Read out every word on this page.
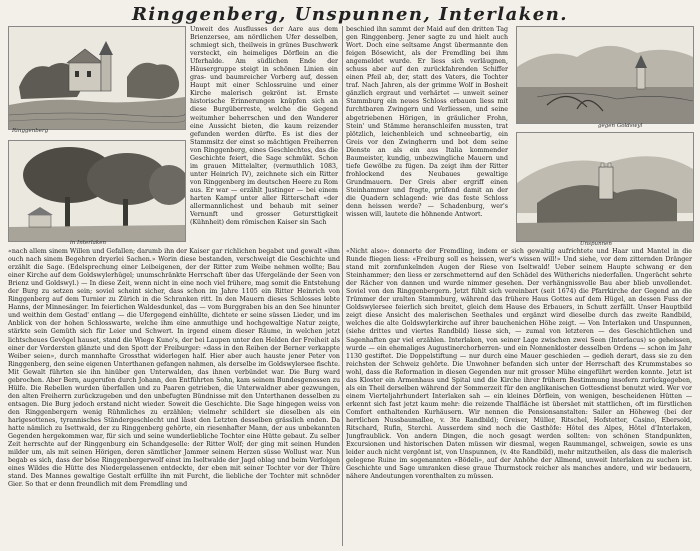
Ringgenberg, Unspunnen, Interlaken.
Ringgenberg
in Interlaken
gegen Goldswyl
Unspunnen

Unweit des Ausflusses der Aare aus dem Brienzersee, am nördlichen Ufer desselben, schmiegt sich, theilweis in grünes Buschwerk versteckt, ein heimeliges Dörflein an die Uferhalde. Am südlichen Ende der Häusergruppe steigt in schönen Linien ein gras- und baumreicher Vorberg auf, dessen Haupt mit einer Schlossruine und einer Kirche malerisch gekrönt ist. Ernste historische Erinnerungen knüpfen sich an diese Burgüberreste, welche die Gegend weitumher beherrschen und den Wanderer eine Aussicht bieten, die kaum reizender gefunden werden dürfte. Es ist dies der Stammsitz der einst so mächtigen Freiherren von Ringgenberg, eines Geschlechtes, das die Geschichte feiert, die Sage schmükt. Schon im grauen Mittelalter, (vermuthlich 1083, unter Heinrich IV), zeichnete sich ein Ritter von Ringgenberg im deutschen Heere zu Rom aus. Er war — erzählt Justinger — bei einem harten Kampf unter aller Ritterschaft «der allermannlichest und behaub mit seiner Vernunft und grosser Getursttigkeit (Kühnheit) dem römischen Kaiser sin Sach

beschied ihn sammt der Maid auf den dritten Tag gen Ringgenberg. Jener sagte zu und hielt auch Wort. Doch eine seltsame Angst übermannte den feigen Bösewicht, als der Fremdling bei ihm angemeldet wurde. Er liess sich verläugnen, schuss aber auf den zurückfahrenden Schiffer einen Pfeil ab, der, statt des Vaters, die Tochter traf. Nach Jahren, als der grimme Wolf in Bosheit gänzlich ergraut und verhärtet — unweit seiner Stammburg ein neues Schloss erbauen liess mit furchtbaren Zwingern und Verliessen, und seine abgetriebenen Hörigen, in gräulicher Frohn, Stein' und Stämme heranschleifen mussten, trat plötzlich, leichenbleich und schneebartig, ein Greis vor den Zwingherrn und bot dem seine Dienste an als ein aus Italia kommender Baumeister, kundig, unbezwingliche Mauern und tiefe Gewölbe zu fügen. Da zeigt ihm der Ritter frohlockend des Neubaues gewaltige Grundmauern. Der Greis aber ergriff einen Steinhammer und fragte, prüfend damit an der die Quadern schlagend: wie das feste Schloss denn heissen werde? — Schadenburg, wer's wissen will, lautete die höhnende Antwort.

«nach allem sinem Willen und Gefallen; darumb ihn der Kaiser gar richlichen begabet und gewalt «ihm ouch nach sinem Begehren dryerlei Sachen.» Worin diese bestanden, verschweigt die Geschichte und erzählt die Sage. (Edelsprechung einer Leibeigenen, der der Ritter zum Weibe nehmen wollte; Bau einer Kirche auf dem Goldswylerhügel; unumschränkte Herrschaft über das Ufergelände der Seen von Brienz und Goldswyl.) — In diese Zeit, wenn nicht in eine noch viel frühere, mag somit die Entstehung der Burg zu setzen sein; soviel scheint sicher, dass schon im Jahre 1105 ein Ritter Heinrich von Ringgenberg auf dem Turnier zu Zürich in die Schranken ritt. In den Mauern dieses Schlosses lebte Hanns, der Minnesänger. Im feierlichen Waldesdunkel, das — vom Burggraben bis an den See hinunter und weithin dem Gestad' entlang — die Ufergegend einhüllte, dichtete er seine süssen Lieder, und im Anblick von der hohen Schlosswarte, welche ihm eine anmuthige und hochgewaltige Natur zeigte, stärkte sein Gemüth sich für Leier und Schwert. In irgend einem dieser Räume, in welchen jetzt lichtscheues Gevögel hauset, stand die Wiege Kuno's, der bei Laupen unter den Helden der Freiheit als einer der Vordersten glänzte und den Spott der Freiburger: «dass in den Reihen der Berner verkappte Weiber seien», durch mannhafte Grossthat widerlegen half. Hier aber auch hauste jener Peter von Ringgenberg, den seine eigenen Unterthanen gefangen nahmen, als derselbe im Goldswylersee fischte. Mit Gewalt führten sie ihn hinüber gen Unterwalden, das ihnen verbündet war. Die Burg ward gebrochen. Aber Bern, augerufen durch Johann, den Entführten Sohn, kam seinem Bundesgenossen zu Hülfe. Die Rebellen wurden überfallen und zu Paaren getrieben, die Unterwaldner aber gezwungen, den alten Freiherrn zurückzugeben und den unbefugten Bündnisse mit den Unterthanen desselben zu entsagen. Die Burg jedoch erstand nicht wieder. Soweit die Geschichte. Die Sage hingegen weiss von den Ringgenbergern wenig Rühmliches zu erzählen; vielmehr schildert sie dieselben als ein harigesottenes, tyrannisches Ständergeschlecht und lässt den Letzten desselben grässlich enden. Da hatte nämlich zu Isettwald, der zu Ringgenberg gehörte, ein riesenhafter Mann, der aus unbekannten Gegenden hergekommen war, für sich und seine wunderliebliche Tochter eine Hütte gebaut. Zu selber Zeit herrschte auf der Ringgenburg ein Schandgeselle: der Ritter Wolf; der ging mit seinen Hunden milder um, als mit seinen Hörigen, deren sämtlicher Jammer seinem Herzen süsse Wollust war. Nun begab es sich, dass der böse Ringgenbergerwolf einst im Iseltwalde der Jagd oblag und beim Verfolgen eines Wildes die Hütte des Niedergelassenen entdeckte, der eben mit seiner Tochter vor der Thüre stand. Des Mannes gewaltige Gestalt erfüllte ihn mit Furcht, die liebliche der Tochter mit schnöder Gier. So that er denn freundlich mit dem Fremdling und

«Nicht also»: donnerte der Fremdling, indem er sich gewaltig aufrichtete und Haar und Mantel in die Runde fliegen liess: «Freiburg soll es heissen, wer's wissen will!» Und siehe, vor dem zitternden Dränger stand mit zornfunkelnden Augen der Riese von Iseltwald! Ueber seinem Haupte schwang er den Steinhammer; den liess er zerschmetternd auf den Schädel des Wütherichs niederfallen. Ungerächt sehrte der Rächer von dannen und wurde nimmer gesehen. Der verhängnissvolle Bau aber blieb unvollendet. Soviel von den Ringgenbergern. Jetzt fühlt sich vereinbart (seit 1674) die Pfarrkirche der Gegend an die Trümmer der uralten Stammburg, während das frühere Haus Gottes auf dem Hügel, an dessen Fuss der Goldswylersee feierlich sich breitet, gleich dem Hause des Erbauers, in Schutt zerfällt. Unser Hauptbild zeigt diese Ansicht des malerischen Seethales und ergänzt wird dieselbe durch das zweite Randbild, welches die alte Goldswylerkirche auf ihrer bauchenichen Höhe zeigt. — Von Interlaken und Unspunnen, (siehe drittes und viertes Randbild) liesse sich, — zumal von letzteren — des Geschichtlichen und Sagenhaften gar viel erzählen. Interlaken, von seiner Lage zwischen zwei Seen (Interlacus) so geheissen, wurde — ein ehemaliges Augustinerchorherren- und ein Nonnenkloster desselben Ordens — schon im Jahr 1130 gestiftet. Die Doppelstiftung — nur durch eine Mauer geschieden — gedieh derart, dass sie zu den reichsten der Schweiz gehörte. Die Unwohner befanden sich unter der Herrschaft des Krummstabes so wohl, dass die Reformation in diesen Gegenden nur mit grosser Mühe eingeführt werden konnte. Jetzt ist das Kloster ein Armenhaus und Spital und die Kirche ihrer frühern Bestimmung insofern zurückgegeben, als ein Theil derselben während der Sommerzeit für den anglikanischen Gottesdienst benutzt wird. Wer vor einem Vierteljahrhundert Interlaken sah — ein kleines Dörflein, von wenigen, bescheidenen Hütten — erkennt sich fast jetzt kaum mehr: die reizende Thalfläche ist übersäet mit stattlichen, oft im fürstlichen Comfort enthaltenden Kurhäusern. Wir nennen die Pensionsanstalten: Sailer an Höheweg (bei der herrlichen Nussbaumallee, v. 3te Randbild); Greiser, Müller, Ritschel, Hofstetter, Casino, Ebersold, Ritschard, Rufin, Sterchi. Ausserdem sind noch die Gasthöfe: Hôtel des Alpes, Hôtel d'Interlaken, Jungfraublick. Von andern Dingen, die noch gesagt werden sollten: von schönen Standpunkten, Excursionen und historischen Daten müssen wir diesmal, wegen Raummangel, schweigen, sowie es uns leider auch nicht vergönnt ist, von Unspunnen, (v. 4te Randbild), mehr mitzutheilen, als dass die malerisch gelegene Ruine im sogenannten «Bödeli», auf der Anhöhe der Allmend, unweit Interlaken zu suchen ist. Geschichte und Sage umranken diese graue Thurmstock reicher als manches andere, und wir bedauern, nähere Andeutungen vorenthalten zu müssen.
